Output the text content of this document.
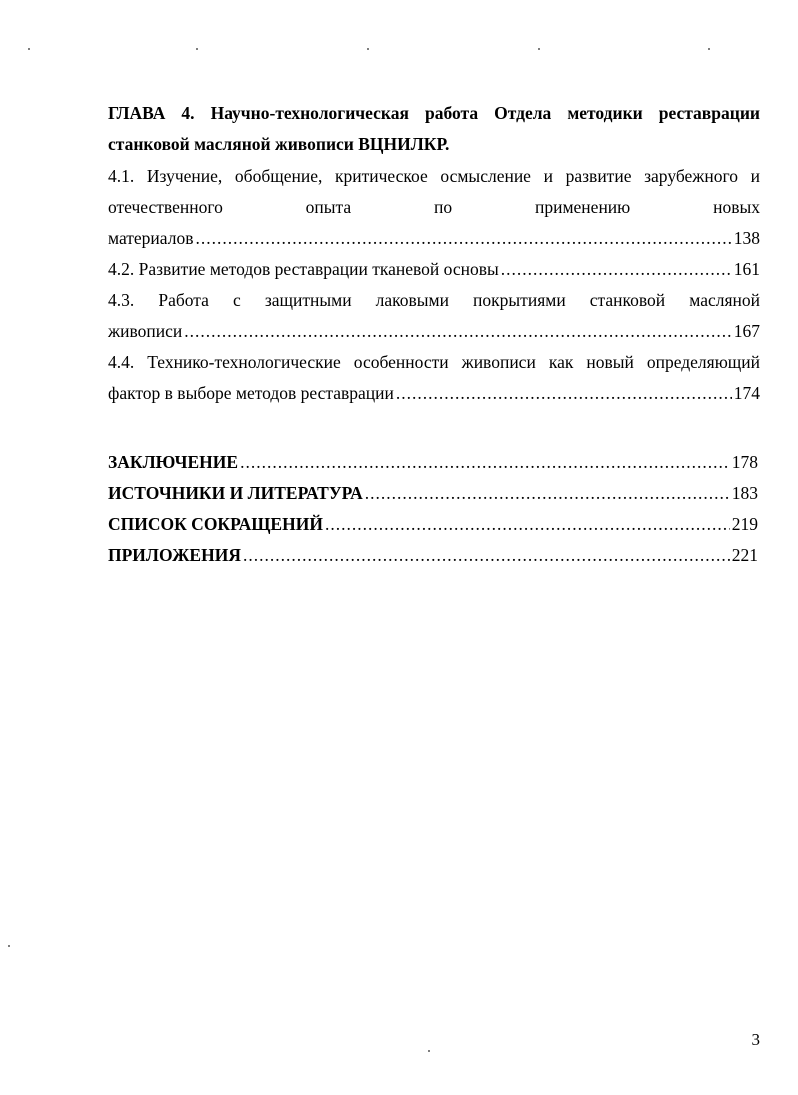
ГЛАВА 4. Научно-технологическая работа Отдела методики реставрации станковой масляной живописи ВЦНИЛКР.

4.1. Изучение, обобщение, критическое осмысление и развитие зарубежного и
отечественного опыта по применению новых
материалов .....	138
4.2. Развитие методов реставрации тканевой основы .....	161
4.3. Работа с защитными лаковыми покрытиями станковой масляной
живописи .....	167
4.4. Технико-технологические особенности живописи как новый определяющий
фактор в выборе методов реставрации .....	174
ЗАКЛЮЧЕНИЕ .....	178
ИСТОЧНИКИ И ЛИТЕРАТУРА .....	183
СПИСОК СОКРАЩЕНИЙ .....	219
ПРИЛОЖЕНИЯ .....	221
3
